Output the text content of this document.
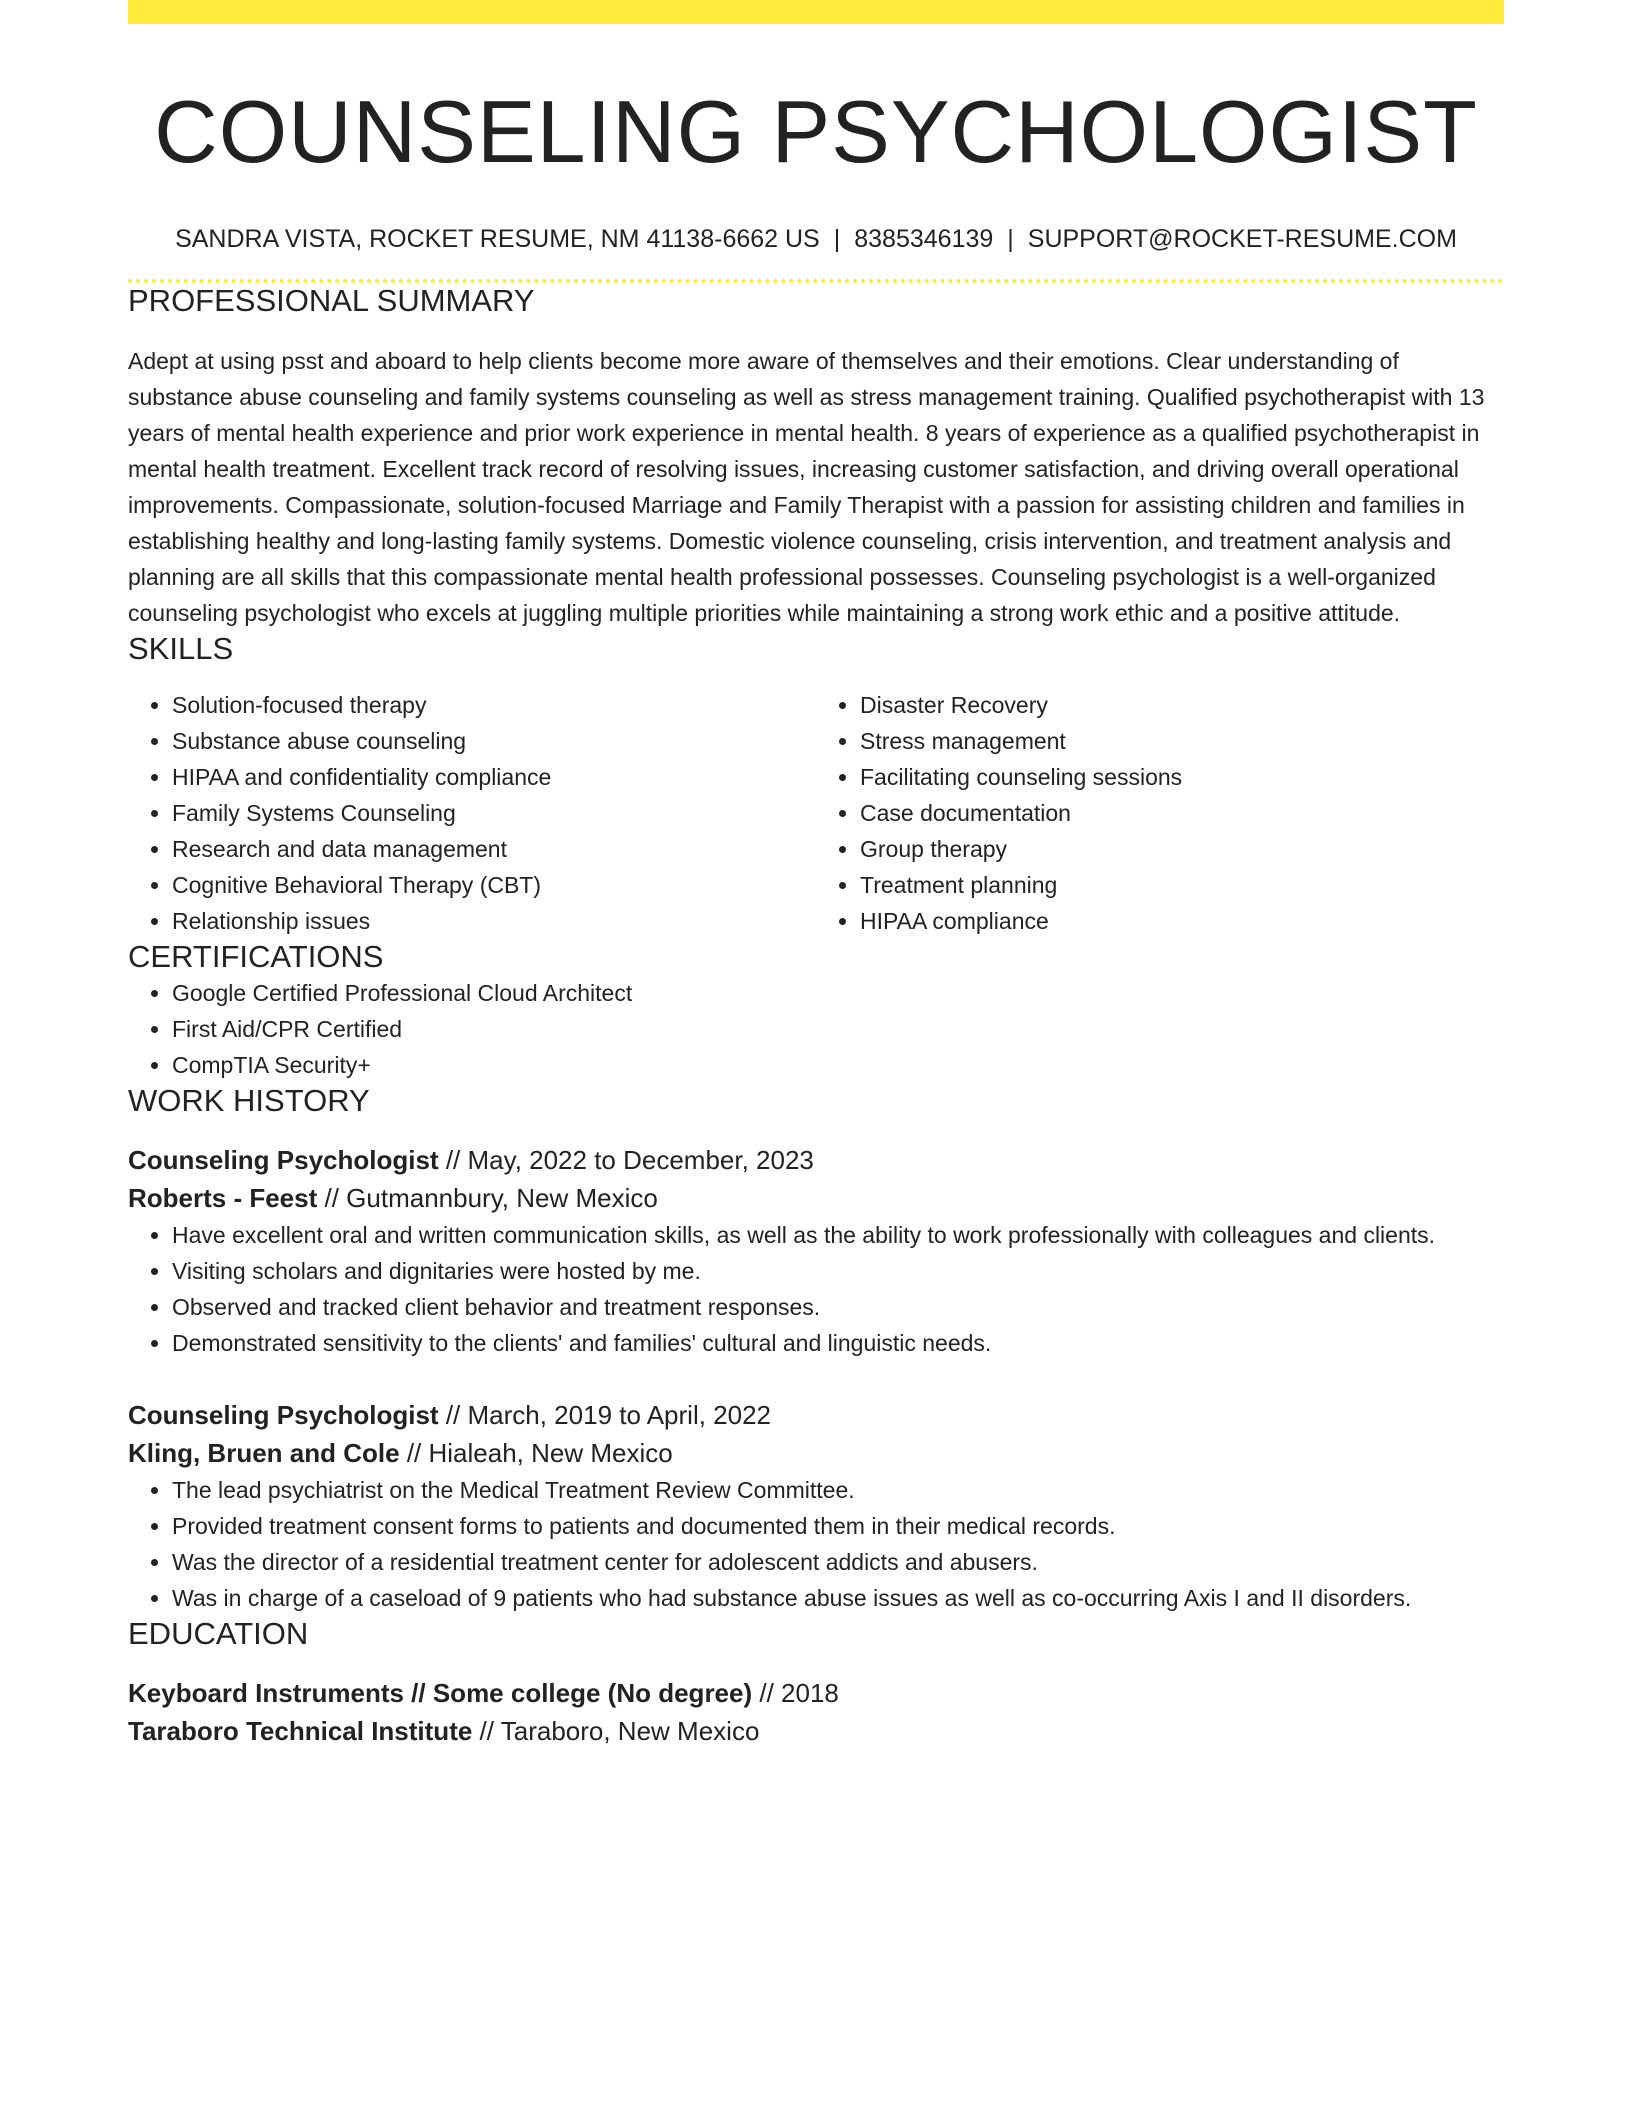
COUNSELING PSYCHOLOGIST
SANDRA VISTA, ROCKET RESUME, NM 41138-6662 US | 8385346139 | SUPPORT@ROCKET-RESUME.COM
PROFESSIONAL SUMMARY

Adept at using psst and aboard to help clients become more aware of themselves and their emotions. Clear understanding of substance abuse counseling and family systems counseling as well as stress management training. Qualified psychotherapist with 13 years of mental health experience and prior work experience in mental health. 8 years of experience as a qualified psychotherapist in mental health treatment. Excellent track record of resolving issues, increasing customer satisfaction, and driving overall operational improvements. Compassionate, solution-focused Marriage and Family Therapist with a passion for assisting children and families in establishing healthy and long-lasting family systems. Domestic violence counseling, crisis intervention, and treatment analysis and planning are all skills that this compassionate mental health professional possesses. Counseling psychologist is a well-organized counseling psychologist who excels at juggling multiple priorities while maintaining a strong work ethic and a positive attitude.

SKILLS
• Solution-focused therapy
• Substance abuse counseling
• HIPAA and confidentiality compliance
• Family Systems Counseling
• Research and data management
• Cognitive Behavioral Therapy (CBT)
• Relationship issues
• Disaster Recovery
• Stress management
• Facilitating counseling sessions
• Case documentation
• Group therapy
• Treatment planning
• HIPAA compliance
CERTIFICATIONS
• Google Certified Professional Cloud Architect
• First Aid/CPR Certified
• CompTIA Security+
WORK HISTORY

Counseling Psychologist // May, 2022 to December, 2023

Roberts - Feest // Gutmannbury, New Mexico

• Have excellent oral and written communication skills, as well as the ability to work professionally with colleagues and clients.
• Visiting scholars and dignitaries were hosted by me.
• Observed and tracked client behavior and treatment responses.
• Demonstrated sensitivity to the clients' and families' cultural and linguistic needs.

Counseling Psychologist // March, 2019 to April, 2022

Kling, Bruen and Cole // Hialeah, New Mexico

• The lead psychiatrist on the Medical Treatment Review Committee.
• Provided treatment consent forms to patients and documented them in their medical records.
• Was the director of a residential treatment center for adolescent addicts and abusers.
• Was in charge of a caseload of 9 patients who had substance abuse issues as well as co-occurring Axis I and II disorders.
EDUCATION

Keyboard Instruments // Some college (No degree) // 2018

Taraboro Technical Institute // Taraboro, New Mexico
